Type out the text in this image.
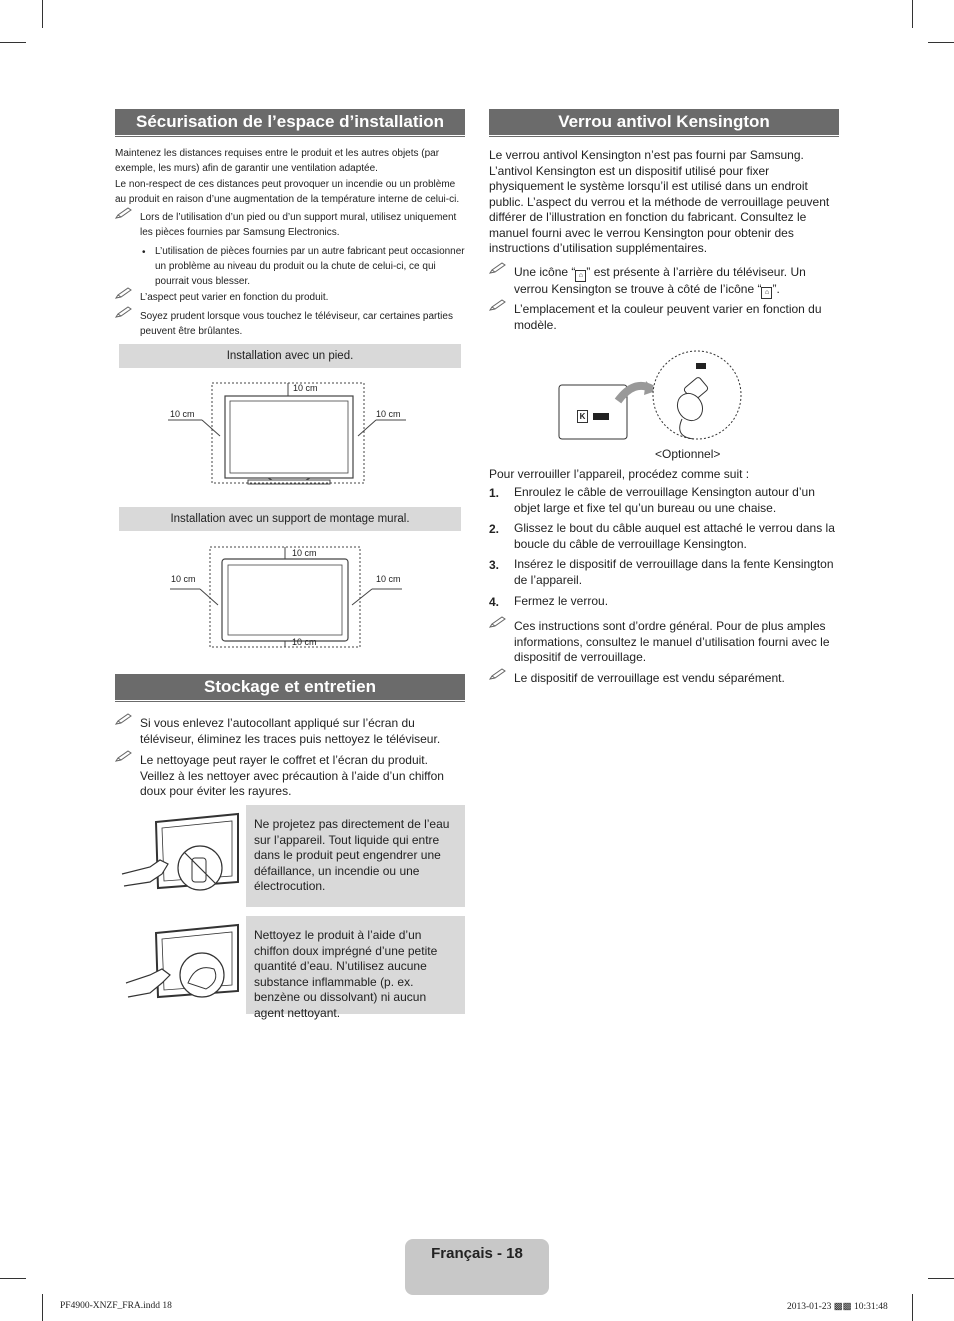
Sécurisation de l’espace d’installation
Maintenez les distances requises entre le produit et les autres objets (par exemple, les murs) afin de garantir une ventilation adaptée.
Le non-respect de ces distances peut provoquer un incendie ou un problème au produit en raison d’une augmentation de la température interne de celui-ci.
Lors de l’utilisation d’un pied ou d’un support mural, utilisez uniquement les pièces fournies par Samsung Electronics.
• L’utilisation de pièces fournies par un autre fabricant peut occasionner un problème au niveau du produit ou la chute de celui-ci, ce qui pourrait vous blesser.
L’aspect peut varier en fonction du produit.
Soyez prudent lorsque vous touchez le téléviseur, car certaines parties peuvent être brûlantes.
Installation avec un pied.
10 cm
10 cm	10 cm
Installation avec un support de montage mural.
10 cm
10 cm	10 cm
10 cm
Stockage et entretien
Si vous enlevez l’autocollant appliqué sur l’écran du téléviseur, éliminez les traces puis nettoyez le téléviseur.
Le nettoyage peut rayer le coffret et l’écran du produit. Veillez à les nettoyer avec précaution à l’aide d’un chiffon doux pour éviter les rayures.
Ne projetez pas directement de l’eau sur l’appareil. Tout liquide qui entre dans le produit peut engendrer une défaillance, un incendie ou une électrocution.
Nettoyez le produit à l’aide d’un chiffon doux imprégné d’une petite quantité d’eau. N’utilisez aucune substance inflammable (p. ex. benzène ou dissolvant) ni aucun agent nettoyant.
Verrou antivol Kensington
Le verrou antivol Kensington n’est pas fourni par Samsung. L’antivol Kensington est un dispositif utilisé pour fixer physiquement le système lorsqu’il est utilisé dans un endroit public. L’aspect du verrou et la méthode de verrouillage peuvent différer de l’illustration en fonction du fabricant. Consultez le manuel fourni avec le verrou Kensington pour obtenir des instructions d’utilisation supplémentaires.
Une icône “ ⌂ ” est présente à l’arrière du téléviseur. Un verrou Kensington se trouve à côté de l’icône “ ⌂ ”.
L’emplacement et la couleur peuvent varier en fonction du modèle.
K
<Optionnel>
Pour verrouiller l’appareil, procédez comme suit :
1. Enroulez le câble de verrouillage Kensington autour d’un objet large et fixe tel qu’un bureau ou une chaise.
2. Glissez le bout du câble auquel est attaché le verrou dans la boucle du câble de verrouillage Kensington.
3. Insérez le dispositif de verrouillage dans la fente Kensington de l’appareil.
4. Fermez le verrou.
Ces instructions sont d’ordre général. Pour de plus amples informations, consultez le manuel d’utilisation fourni avec le dispositif de verrouillage.
Le dispositif de verrouillage est vendu séparément.
Français - 18
PF4900-XNZF_FRA.indd 18	2013-01-23 ▩▩ 10:31:48
